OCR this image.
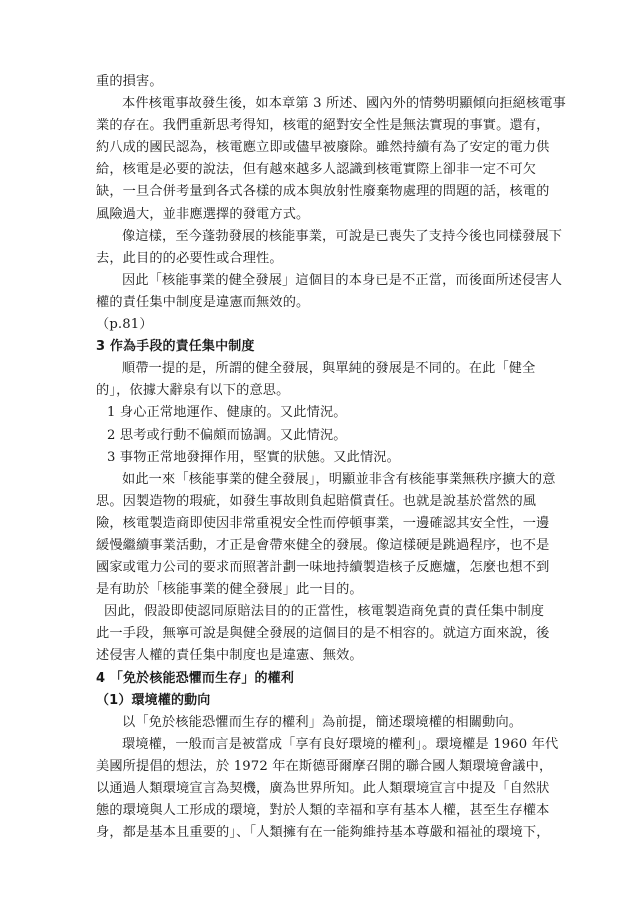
重的損害。
本件核電事故發生後，如本章第 3 所述、國內外的情勢明顯傾向拒絕核電事
業的存在。我們重新思考得知，核電的絕對安全性是無法實現的事實。還有，
約八成的國民認為，核電應立即或儘早被廢除。雖然持續有為了安定的電力供
給，核電是必要的說法，但有越來越多人認識到核電實際上卻非一定不可欠
缺，一旦合併考量到各式各樣的成本與放射性廢棄物處理的問題的話，核電的
風險過大，並非應選擇的發電方式。
像這樣，至今蓬勃發展的核能事業，可說是已喪失了支持今後也同樣發展下
去，此目的的必要性或合理性。
因此「核能事業的健全發展」這個目的本身已是不正當，而後面所述侵害人
權的責任集中制度是違憲而無效的。
（p.81）
3 作為手段的責任集中制度
順帶一提的是，所謂的健全發展，與單純的發展是不同的。在此「健全
的」，依據大辭泉有以下的意思。
1 身心正常地運作、健康的。又此情況。
2 思考或行動不偏頗而協調。又此情況。
3 事物正常地發揮作用，堅實的狀態。又此情況。
如此一來「核能事業的健全發展」，明顯並非含有核能事業無秩序擴大的意
思。因製造物的瑕疵，如發生事故則負起賠償責任。也就是說基於當然的風
險，核電製造商即使因非常重視安全性而停頓事業，一邊確認其安全性，一邊
緩慢繼續事業活動，才正是會帶來健全的發展。像這樣硬是跳過程序，也不是
國家或電力公司的要求而照著計劃一味地持續製造核子反應爐，怎麼也想不到
是有助於「核能事業的健全發展」此一目的。
因此，假設即使認同原賠法目的的正當性，核電製造商免責的責任集中制度
此一手段，無寧可說是與健全發展的這個目的是不相容的。就這方面來說，後
述侵害人權的責任集中制度也是違憲、無效。
4 「免於核能恐懼而生存」的權利
（1）環境權的動向
以「免於核能恐懼而生存的權利」為前提，簡述環境權的相關動向。
環境權，一般而言是被當成「享有良好環境的權利」。環境權是 1960 年代
美國所提倡的想法，於 1972 年在斯德哥爾摩召開的聯合國人類環境會議中，
以通過人類環境宣言為契機，廣為世界所知。此人類環境宣言中提及「自然狀
態的環境與人工形成的環境，對於人類的幸福和享有基本人權，甚至生存權本
身，都是基本且重要的」、「人類擁有在一能夠維持基本尊嚴和福祉的環境下，
